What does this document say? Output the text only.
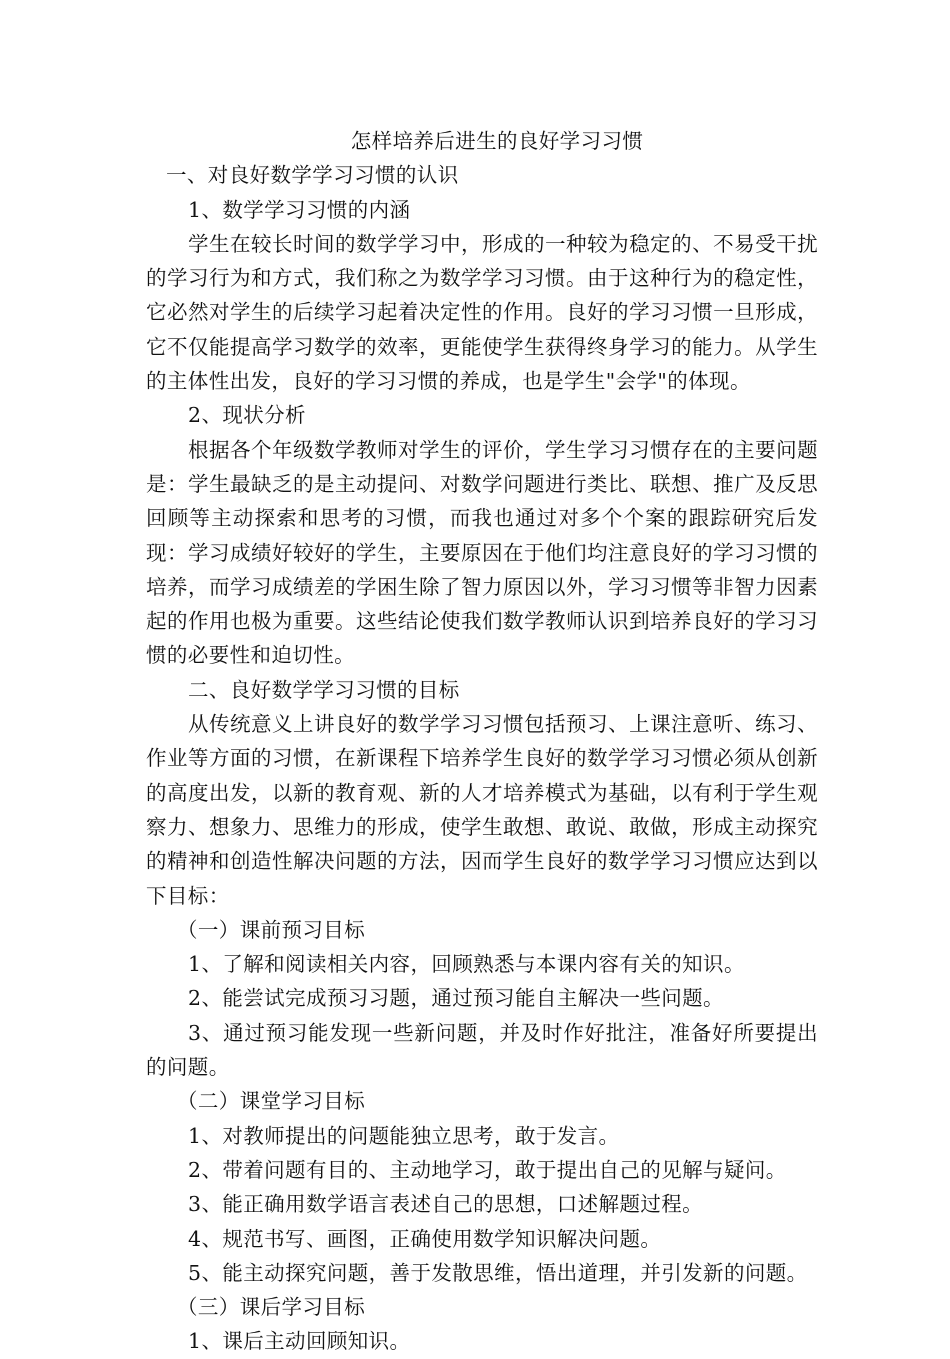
怎样培养后进生的良好学习习惯

一、对良好数学学习习惯的认识

1、数学学习习惯的内涵

学生在较长时间的数学学习中，形成的一种较为稳定的、不易受干扰的学习行为和方式，我们称之为数学学习习惯。由于这种行为的稳定性，它必然对学生的后续学习起着决定性的作用。良好的学习习惯一旦形成，它不仅能提高学习数学的效率，更能使学生获得终身学习的能力。从学生的主体性出发，良好的学习习惯的养成，也是学生"会学"的体现。

2、现状分析

根据各个年级数学教师对学生的评价，学生学习习惯存在的主要问题是：学生最缺乏的是主动提问、对数学问题进行类比、联想、推广及反思回顾等主动探索和思考的习惯，而我也通过对多个个案的跟踪研究后发现：学习成绩好较好的学生，主要原因在于他们均注意良好的学习习惯的培养，而学习成绩差的学困生除了智力原因以外，学习习惯等非智力因素起的作用也极为重要。这些结论使我们数学教师认识到培养良好的学习习惯的必要性和迫切性。

二、良好数学学习习惯的目标

从传统意义上讲良好的数学学习习惯包括预习、上课注意听、练习、作业等方面的习惯，在新课程下培养学生良好的数学学习习惯必须从创新的高度出发，以新的教育观、新的人才培养模式为基础，以有利于学生观察力、想象力、思维力的形成，使学生敢想、敢说、敢做，形成主动探究的精神和创造性解决问题的方法，因而学生良好的数学学习习惯应达到以下目标：

（一）课前预习目标

1、了解和阅读相关内容，回顾熟悉与本课内容有关的知识。

2、能尝试完成预习习题，通过预习能自主解决一些问题。

3、通过预习能发现一些新问题，并及时作好批注，准备好所要提出的问题。

（二）课堂学习目标

1、对教师提出的问题能独立思考，敢于发言。

2、带着问题有目的、主动地学习，敢于提出自己的见解与疑问。

3、能正确用数学语言表述自己的思想，口述解题过程。

4、规范书写、画图，正确使用数学知识解决问题。

5、能主动探究问题，善于发散思维，悟出道理，并引发新的问题。

（三）课后学习目标

1、课后主动回顾知识。
